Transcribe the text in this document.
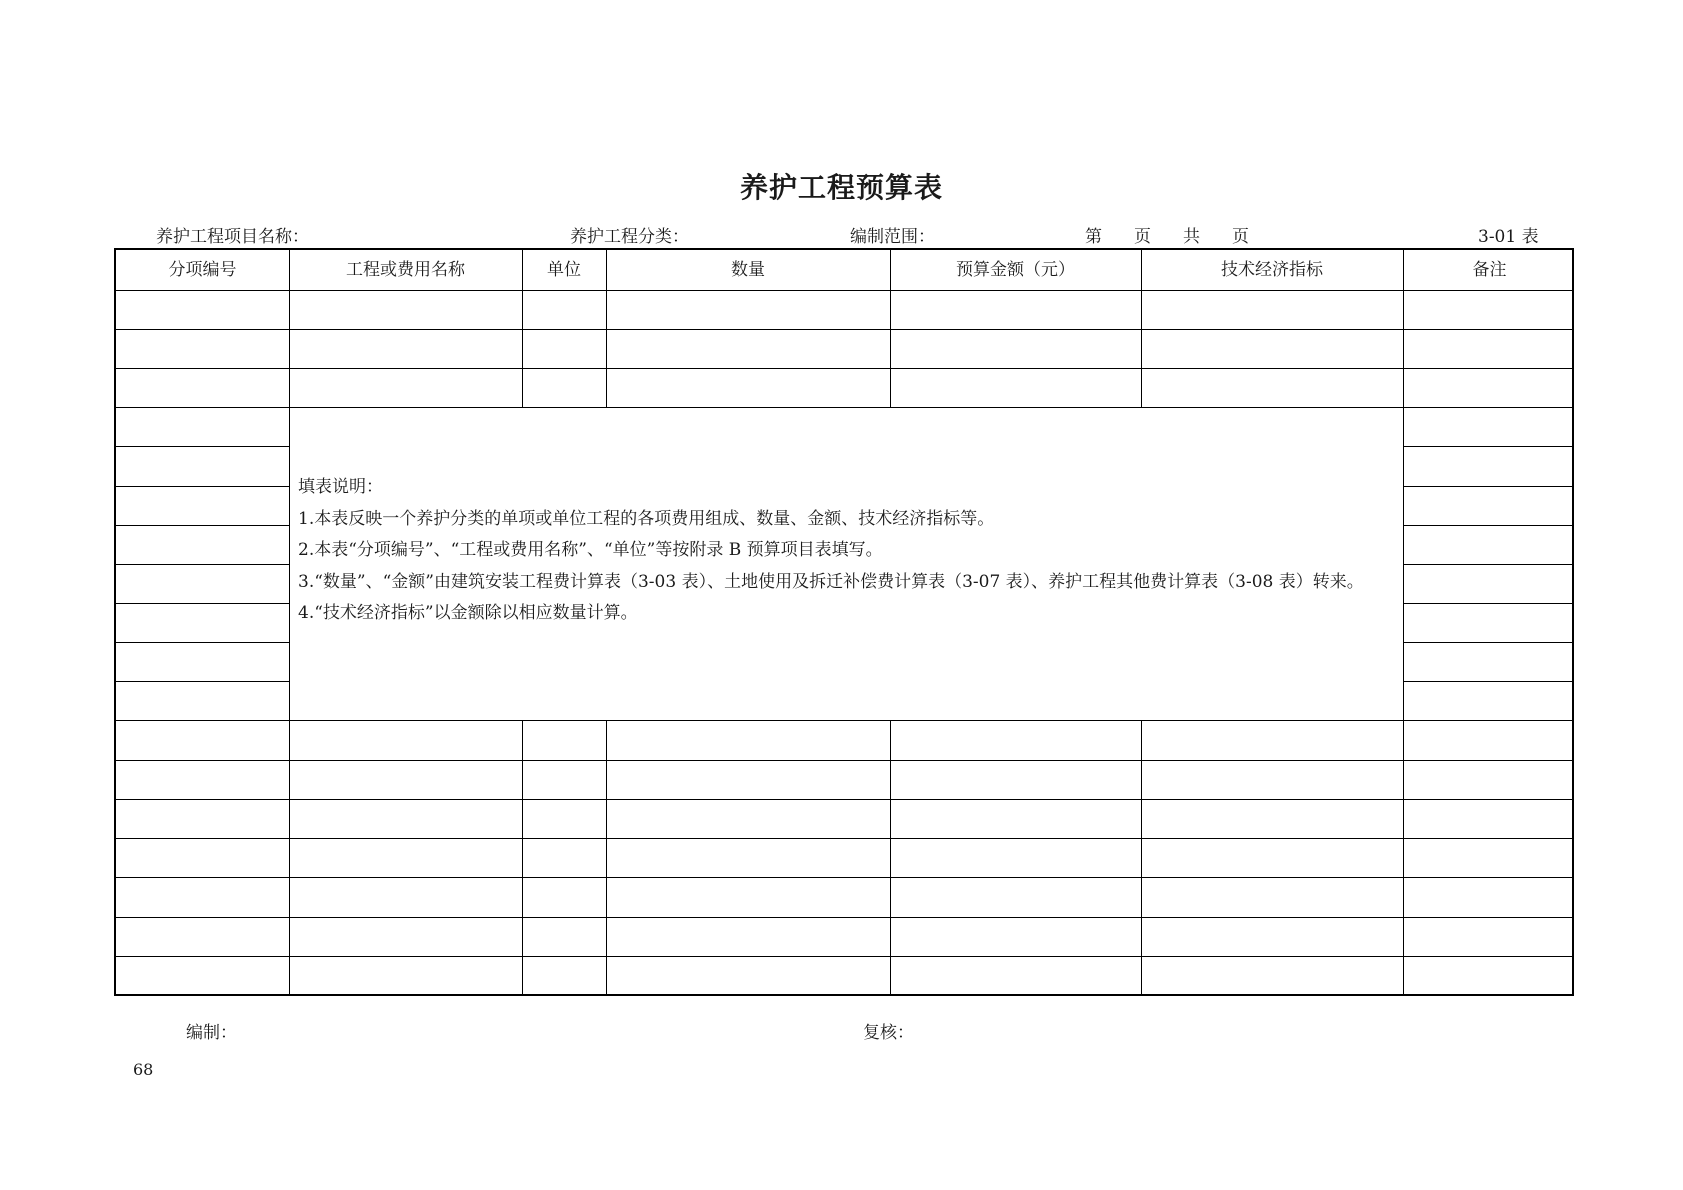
养护工程预算表
养护工程项目名称：	养护工程分类：	编制范围：	第 页 共 页	3-01 表
分项编号	工程或费用名称	单位	数量	预算金额（元）	技术经济指标	备注

填表说明：

1.本表反映一个养护分类的单项或单位工程的各项费用组成、数量、金额、技术经济指标等。

2.本表“分项编号”、“工程或费用名称”、“单位”等按附录 B 预算项目表填写。

3.“数量”、“金额”由建筑安装工程费计算表（3-03 表）、土地使用及拆迁补偿费计算表（3-07 表）、养护工程其他费计算表（3-08 表）转来。

4.“技术经济指标”以金额除以相应数量计算。

编制：	复核：
68
